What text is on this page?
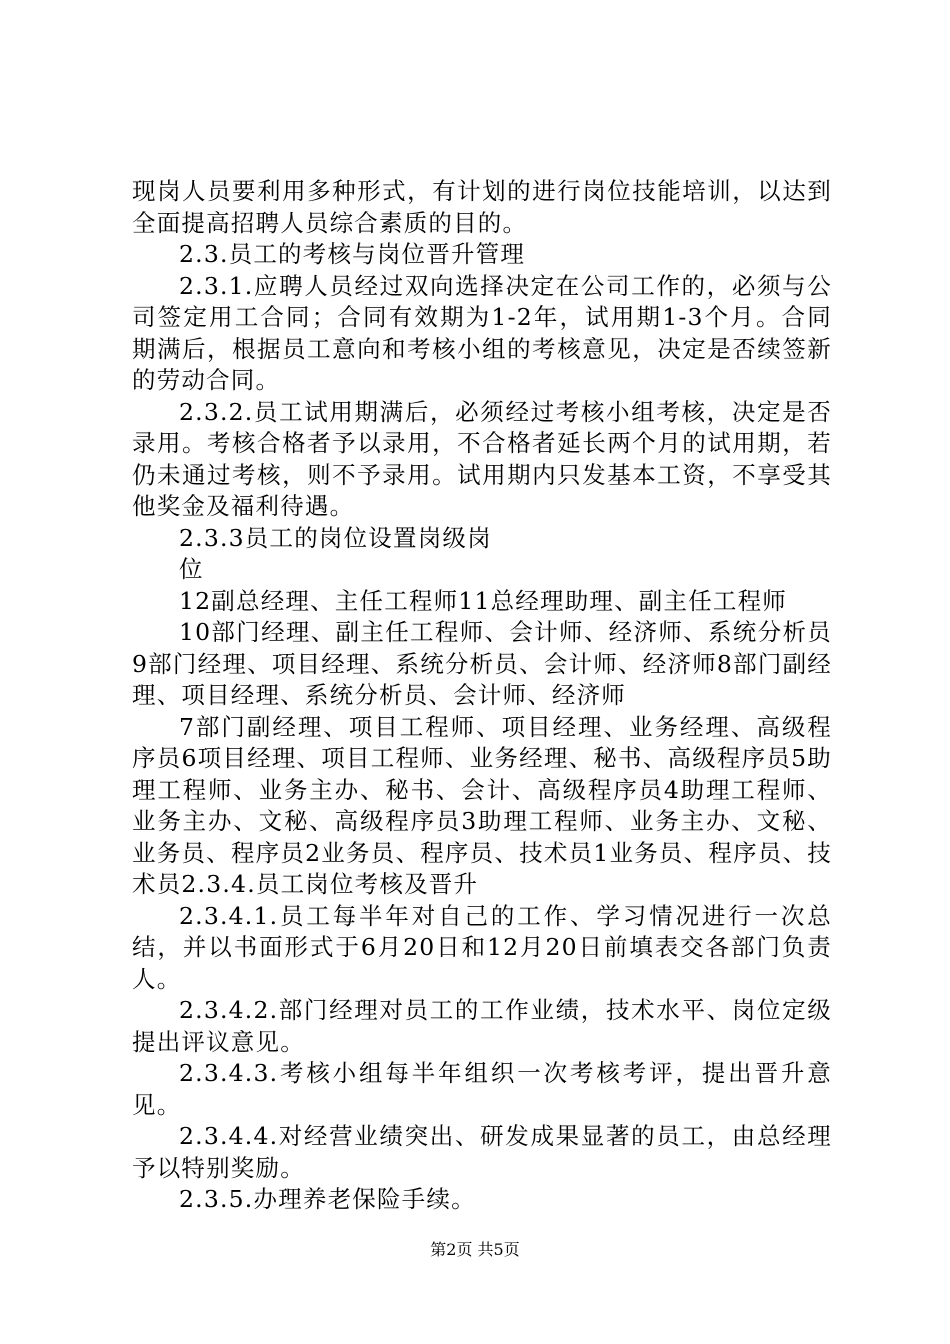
现岗人员要利用多种形式，有计划的进行岗位技能培训，以达到全面提高招聘人员综合素质的目的。

2.3.员工的考核与岗位晋升管理

2.3.1.应聘人员经过双向选择决定在公司工作的，必须与公司签定用工合同；合同有效期为1-2年，试用期1-3个月。合同期满后，根据员工意向和考核小组的考核意见，决定是否续签新的劳动合同。

2.3.2.员工试用期满后，必须经过考核小组考核，决定是否录用。考核合格者予以录用，不合格者延长两个月的试用期，若仍未通过考核，则不予录用。试用期内只发基本工资，不享受其他奖金及福利待遇。

2.3.3员工的岗位设置岗级岗

位

12副总经理、主任工程师11总经理助理、副主任工程师

10部门经理、副主任工程师、会计师、经济师、系统分析员9部门经理、项目经理、系统分析员、会计师、经济师8部门副经理、项目经理、系统分析员、会计师、经济师

7部门副经理、项目工程师、项目经理、业务经理、高级程序员6项目经理、项目工程师、业务经理、秘书、高级程序员5助理工程师、业务主办、秘书、会计、高级程序员4助理工程师、业务主办、文秘、高级程序员3助理工程师、业务主办、文秘、业务员、程序员2业务员、程序员、技术员1业务员、程序员、技术员2.3.4.员工岗位考核及晋升

2.3.4.1.员工每半年对自己的工作、学习情况进行一次总结，并以书面形式于6月20日和12月20日前填表交各部门负责人。

2.3.4.2.部门经理对员工的工作业绩，技术水平、岗位定级提出评议意见。

2.3.4.3.考核小组每半年组织一次考核考评，提出晋升意见。

2.3.4.4.对经营业绩突出、研发成果显著的员工，由总经理予以特别奖励。

2.3.5.办理养老保险手续。

第2页 共5页
